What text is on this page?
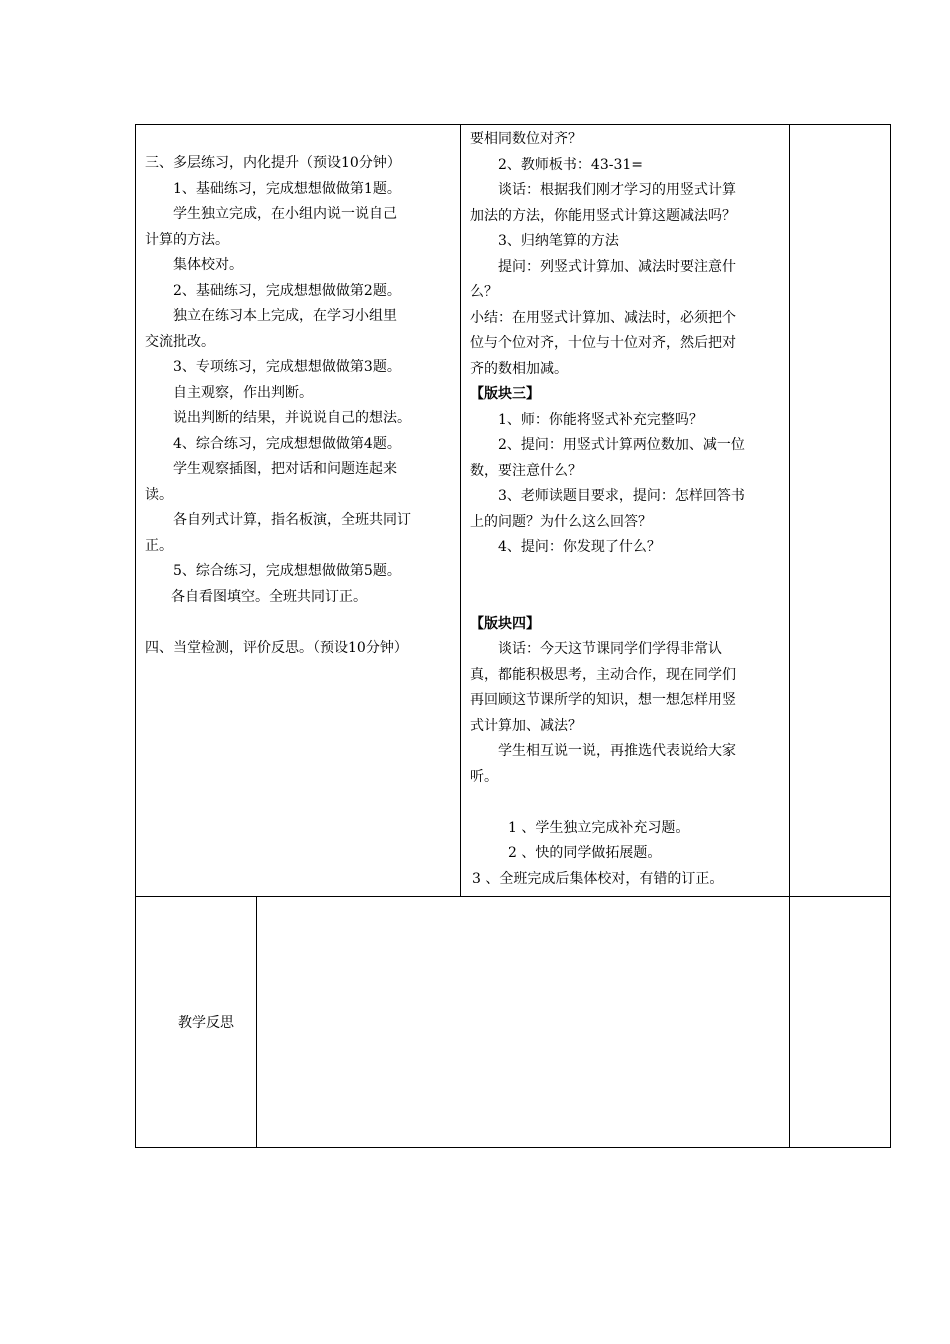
三、多层练习，内化提升（预设10分钟）
1、基础练习，完成想想做做第1题。
学生独立完成，在小组内说一说自己
计算的方法。
集体校对。
2、基础练习，完成想想做做第2题。
独立在练习本上完成，在学习小组里
交流批改。
3、专项练习，完成想想做做第3题。
自主观察，作出判断。
说出判断的结果，并说说自己的想法。
4、综合练习，完成想想做做第4题。
学生观察插图，把对话和问题连起来
读。
各自列式计算，指名板演，全班共同订
正。
5、综合练习，完成想想做做第5题。
各自看图填空。全班共同订正。
四、当堂检测，评价反思。（预设10分钟）
要相同数位对齐？
2、教师板书：43-31=
谈话：根据我们刚才学习的用竖式计算
加法的方法，你能用竖式计算这题减法吗？
3、归纳笔算的方法
提问：列竖式计算加、减法时要注意什
么？
小结：在用竖式计算加、减法时，必须把个
位与个位对齐，十位与十位对齐，然后把对
齐的数相加减。
【版块三】
1、师：你能将竖式补充完整吗？
2、提问：用竖式计算两位数加、减一位
数，要注意什么？
3、老师读题目要求，提问：怎样回答书
上的问题？为什么这么回答？
4、提问：你发现了什么？
【版块四】
谈话：今天这节课同学们学得非常认
真，都能积极思考，主动合作，现在同学们
再回顾这节课所学的知识，想一想怎样用竖
式计算加、减法？
学生相互说一说，再推选代表说给大家
听。
1 、学生独立完成补充习题。
2 、快的同学做拓展题。
3 、全班完成后集体校对，有错的订正。
教学反思
